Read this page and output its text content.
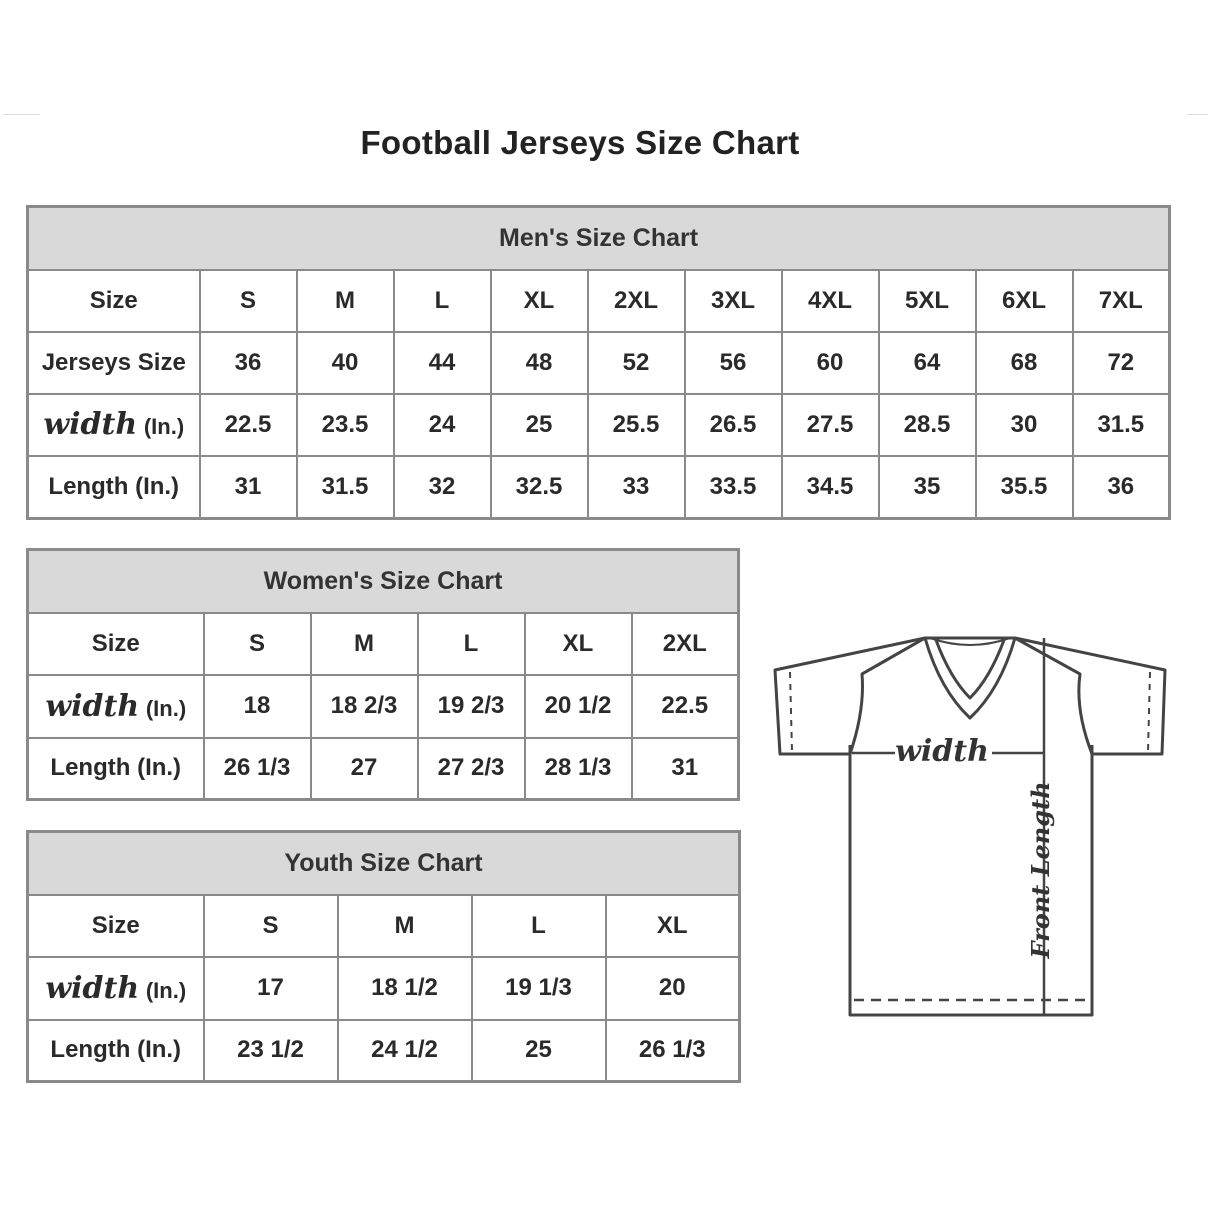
Football Jerseys Size Chart
Men's Size Chart										
Size	S	M	L	XL	2XL	3XL	4XL	5XL	6XL	7XL
Jerseys Size	36	40	44	48	52	56	60	64	68	72
width (In.)	22.5	23.5	24	25	25.5	26.5	27.5	28.5	30	31.5
Length (In.)	31	31.5	32	32.5	33	33.5	34.5	35	35.5	36
Women's Size Chart					
Size	S	M	L	XL	2XL
width (In.)	18	18 2/3	19 2/3	20 1/2	22.5
Length (In.)	26 1/3	27	27 2/3	28 1/3	31
Youth Size Chart				
Size	S	M	L	XL
width (In.)	17	18 1/2	19 1/3	20
Length (In.)	23 1/2	24 1/2	25	26 1/3
width
Front Length
